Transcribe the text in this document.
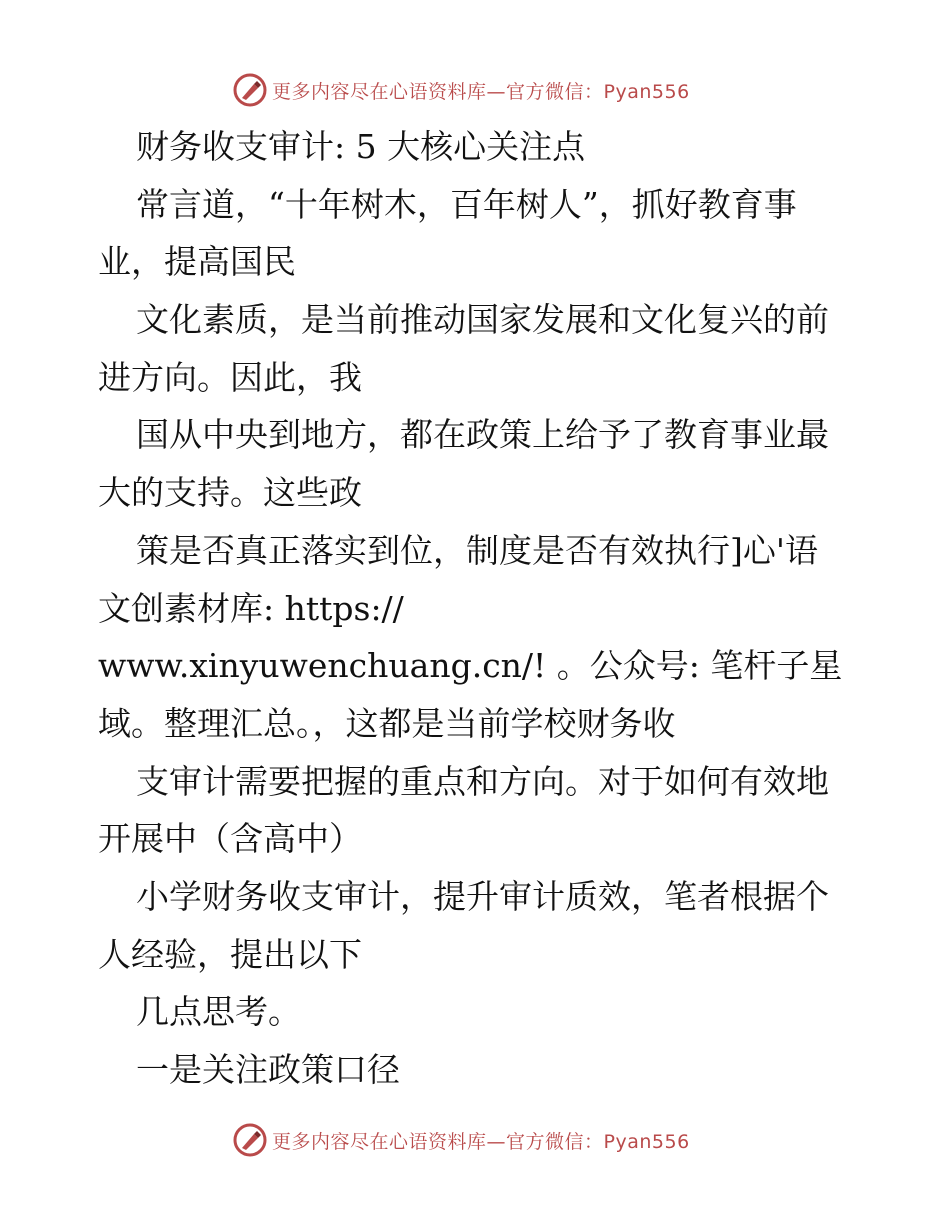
更多内容尽在心语资料库—官方微信：Pyan556
财务收支审计: 5 大核心关注点
常言道，“十年树木，百年树人”，抓好教育事
业，提高国民
文化素质，是当前推动国家发展和文化复兴的前
进方向。因此，我
国从中央到地方，都在政策上给予了教育事业最
大的支持。这些政
策是否真正落实到位，制度是否有效执行]心'语
文创素材库: https://
www.xinyuwenchuang.cn/! 。公众号: 笔杆子星
域。整理汇总。，这都是当前学校财务收
支审计需要把握的重点和方向。对于如何有效地
开展中（含高中）
小学财务收支审计，提升审计质效，笔者根据个
人经验，提出以下
几点思考。
一是关注政策口径
更多内容尽在心语资料库—官方微信：Pyan556
